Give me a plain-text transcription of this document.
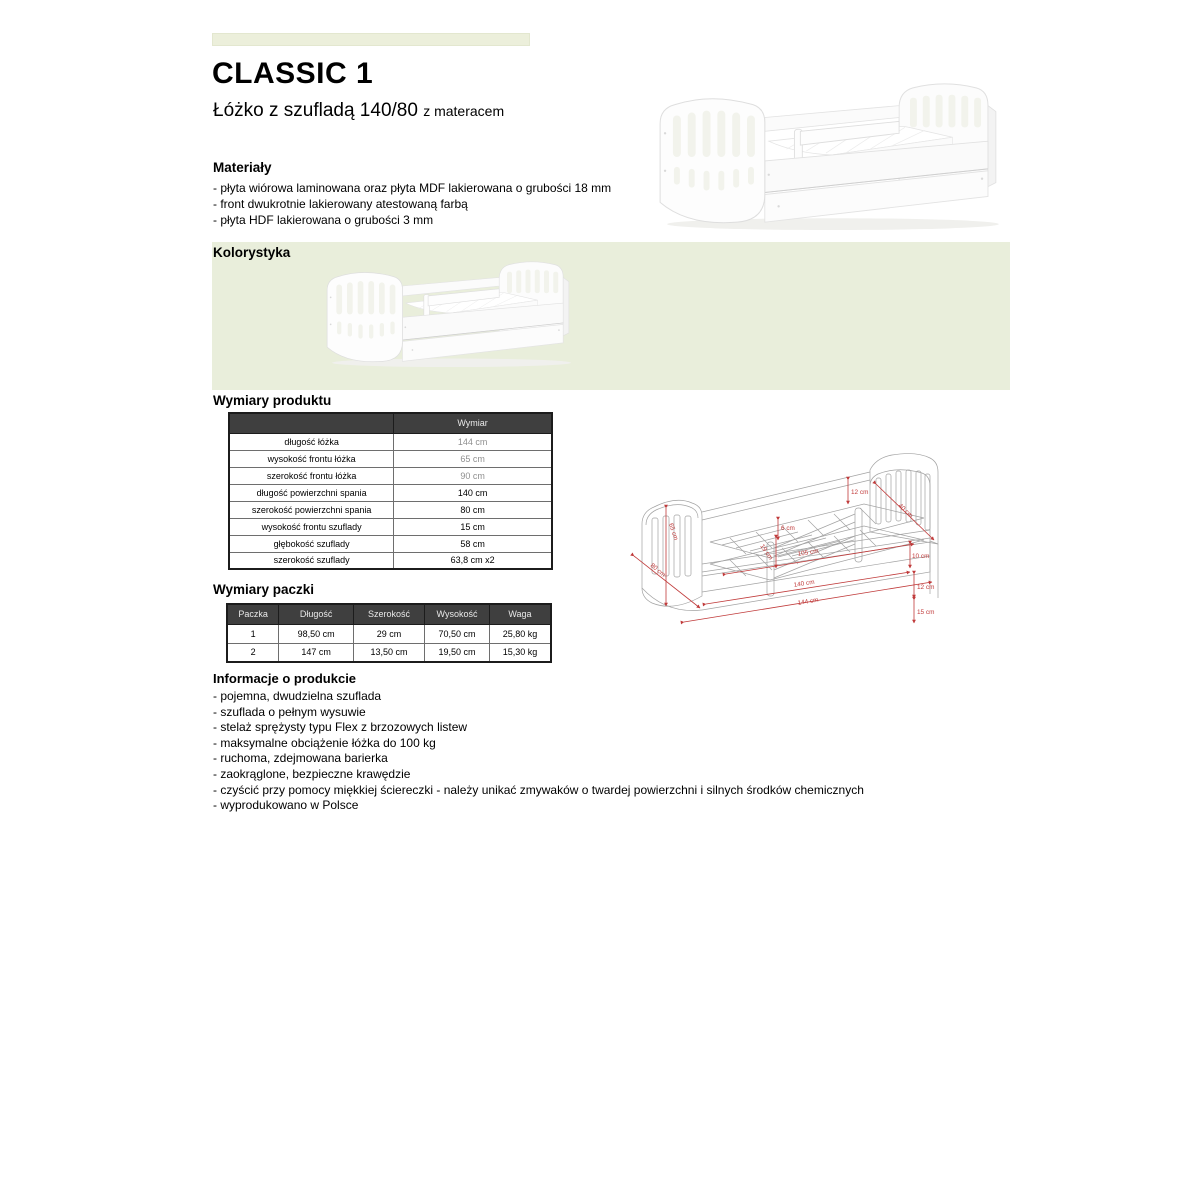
CLASSIC 1
Łóżko z szufladą 140/80 z materacem
Materiały
- płyta wiórowa laminowana oraz płyta MDF lakierowana o grubości 18 mm
- front dwukrotnie lakierowany atestowaną farbą
- płyta HDF lakierowana o grubości 3 mm
Kolorystyka
Wymiary produktu
	Wymiar
długość łóżka	144 cm
wysokość frontu łóżka	65 cm
szerokość frontu łóżka	90 cm
długość powierzchni spania	140 cm
szerokość powierzchni spania	80 cm
wysokość frontu szuflady	15 cm
głębokość szuflady	58 cm
szerokość szuflady	63,8 cm x2
12 cm
40 cm
6 cm
105 cm	10 cm
12 cm
15 cm
140 cm
144 cm
19 cm
65 cm
80 cm
Wymiary paczki
Paczka	Długość	Szerokość	Wysokość	Waga
1	98,50 cm	29 cm	70,50 cm	25,80 kg
2	147 cm	13,50 cm	19,50 cm	15,30 kg
Informacje o produkcie
- pojemna, dwudzielna szuflada
- szuflada o pełnym wysuwie
- stelaż sprężysty typu Flex z brzozowych listew
- maksymalne obciążenie łóżka do 100 kg
- ruchoma, zdejmowana barierka
- zaokrąglone, bezpieczne krawędzie
- czyścić przy pomocy miękkiej ściereczki - należy unikać zmywaków o twardej powierzchni i silnych środków chemicznych
- wyprodukowano w Polsce
